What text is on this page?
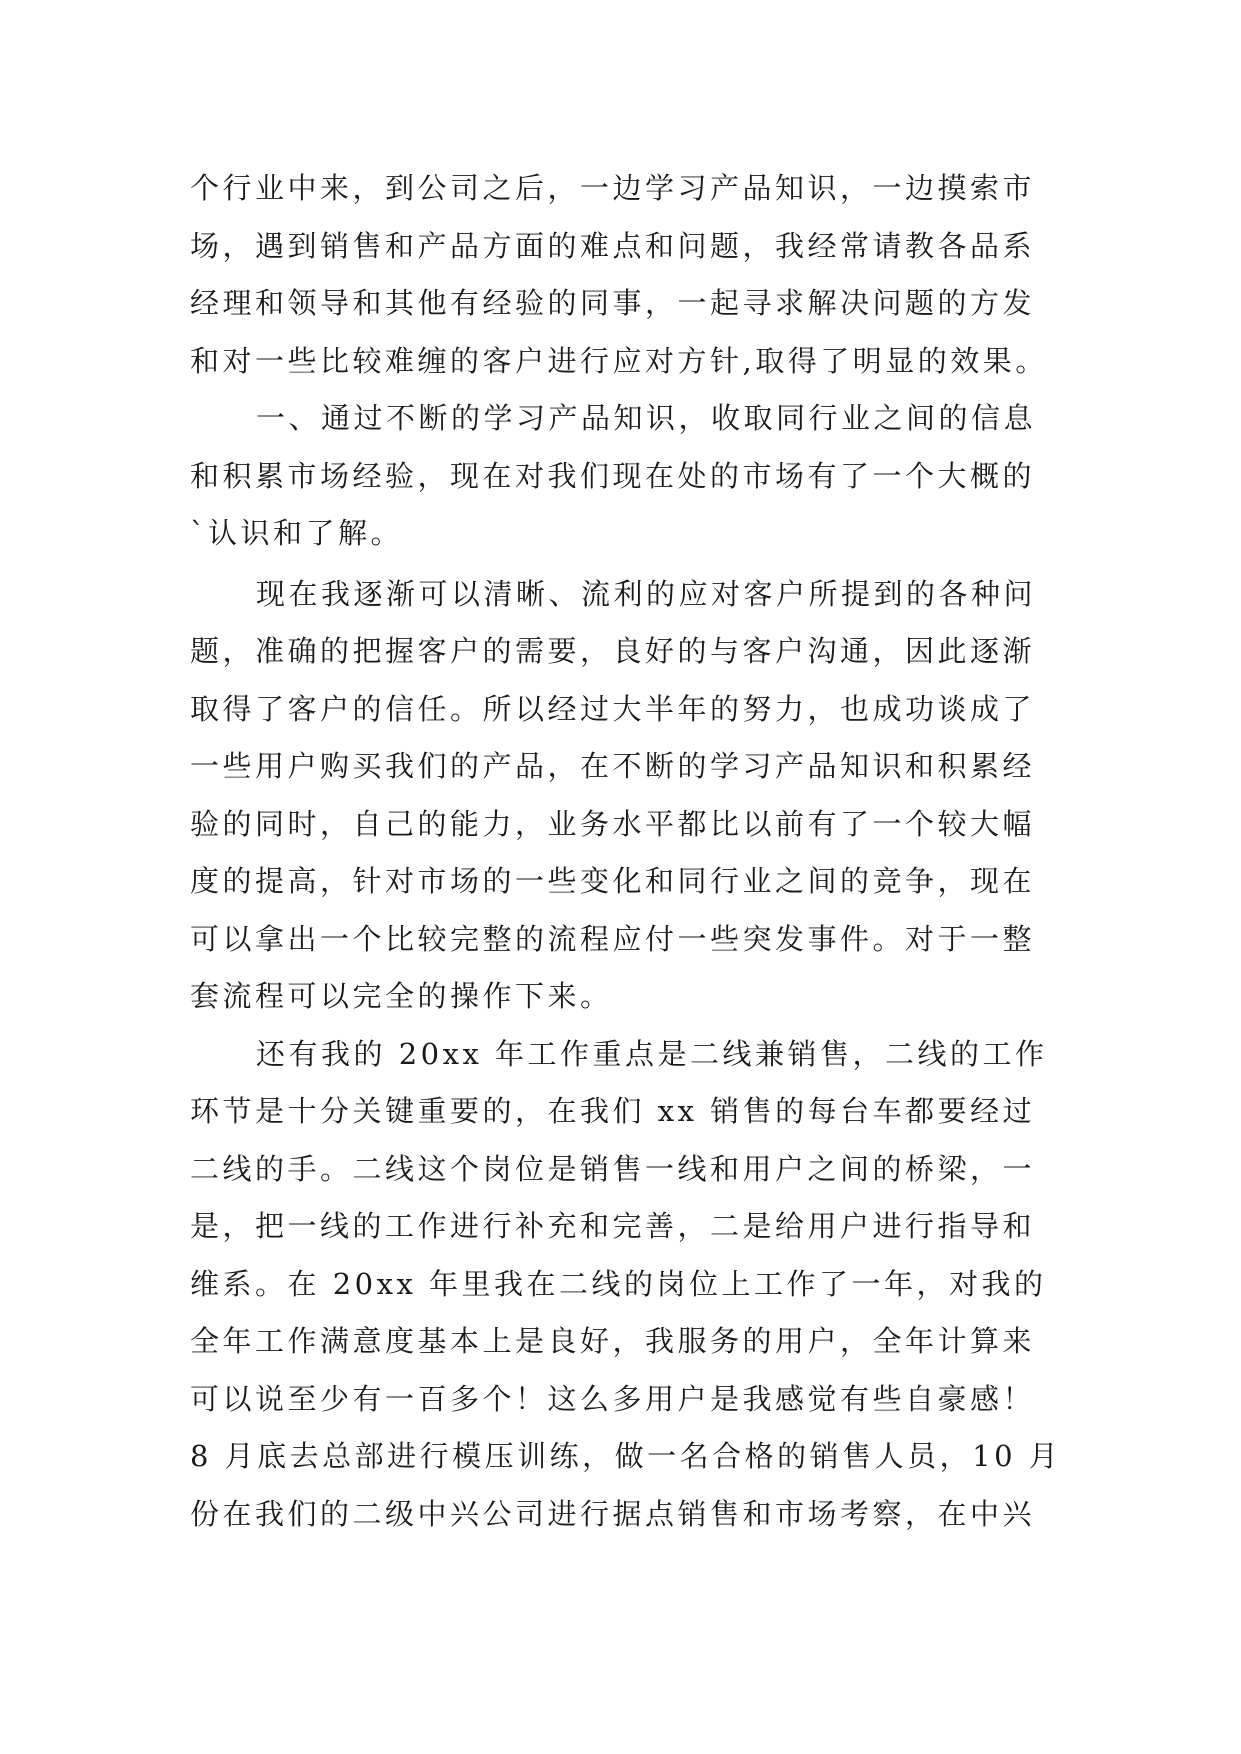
个行业中来，到公司之后，一边学习产品知识，一边摸索市
场，遇到销售和产品方面的难点和问题，我经常请教各品系
经理和领导和其他有经验的同事，一起寻求解决问题的方发
和对一些比较难缠的客户进行应对方针,取得了明显的效果。
一、通过不断的学习产品知识，收取同行业之间的信息
和积累市场经验，现在对我们现在处的市场有了一个大概的
`认识和了解。
现在我逐渐可以清晰、流利的应对客户所提到的各种问
题，准确的把握客户的需要，良好的与客户沟通，因此逐渐
取得了客户的信任。所以经过大半年的努力，也成功谈成了
一些用户购买我们的产品，在不断的学习产品知识和积累经
验的同时，自己的能力，业务水平都比以前有了一个较大幅
度的提高，针对市场的一些变化和同行业之间的竞争，现在
可以拿出一个比较完整的流程应付一些突发事件。对于一整
套流程可以完全的操作下来。
还有我的 20xx 年工作重点是二线兼销售，二线的工作
环节是十分关键重要的，在我们 xx 销售的每台车都要经过
二线的手。二线这个岗位是销售一线和用户之间的桥梁，一
是，把一线的工作进行补充和完善，二是给用户进行指导和
维系。在 20xx 年里我在二线的岗位上工作了一年，对我的
全年工作满意度基本上是良好，我服务的用户，全年计算来
可以说至少有一百多个！这么多用户是我感觉有些自豪感！
8 月底去总部进行模压训练，做一名合格的销售人员，10 月
份在我们的二级中兴公司进行据点销售和市场考察，在中兴
